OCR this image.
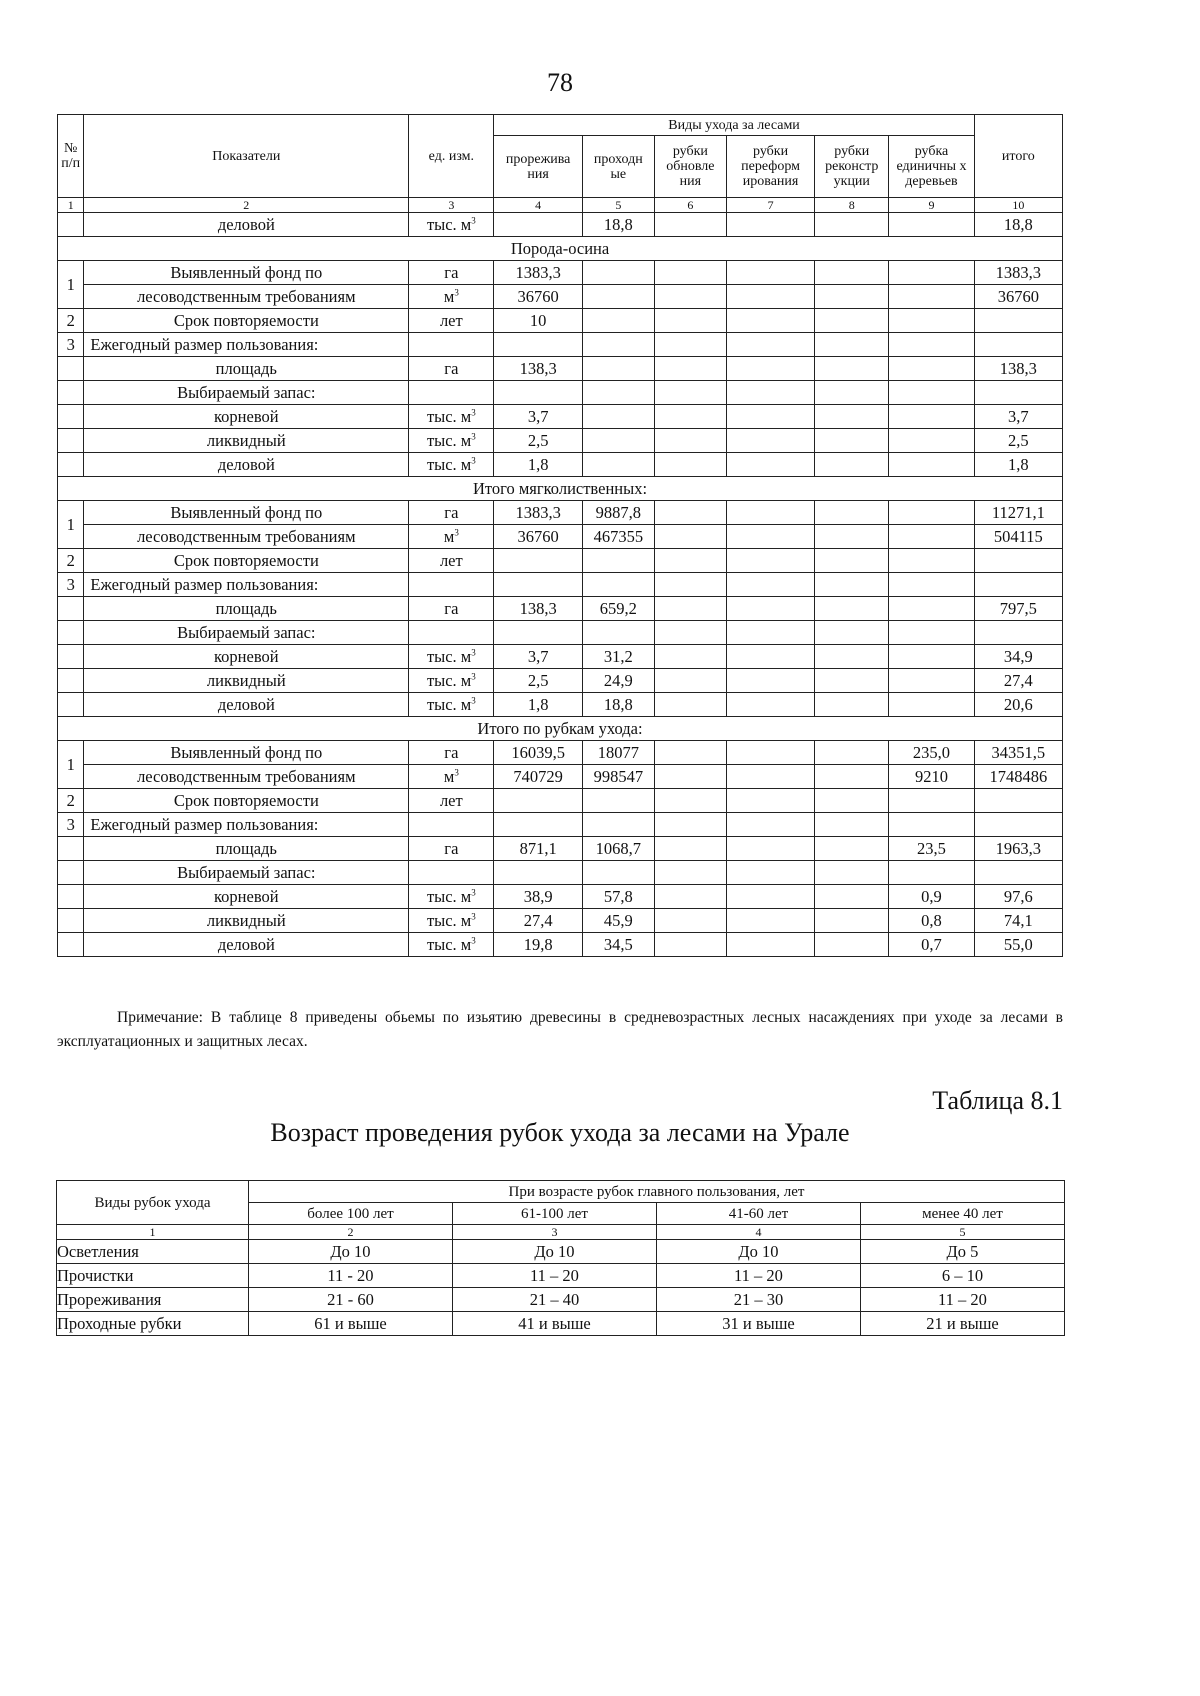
78
№ п/п	Показатели	ед. изм.	Виды ухода за лесами						итого
			прорежива ния	проходн ые	рубки обновле ния	рубки переформ ирования	рубки реконстр укции	рубка единичны х деревьев	
1	2	3	4	5	6	7	8	9	10
	деловой	тыс. $м^3$		18,8					18,8
Порода-осина									
1	Выявленный фонд по	га	1383,3						1383,3
	лесоводственным требованиям	$м^3$	36760						36760
2	Срок повторяемости	лет	10						
3	Ежегодный размер пользования:								
	площадь	га	138,3						138,3
	Выбираемый запас:								
	корневой	тыс. $м^3$	3,7						3,7
	ликвидный	тыс. $м^3$	2,5						2,5
	деловой	тыс. $м^3$	1,8						1,8
Итого мягколиственных:									
1	Выявленный фонд по	га	1383,3	9887,8					11271,1
	лесоводственным требованиям	$м^3$	36760	467355					504115
2	Срок повторяемости	лет							
3	Ежегодный размер пользования:								
	площадь	га	138,3	659,2					797,5
	Выбираемый запас:								
	корневой	тыс. $м^3$	3,7	31,2					34,9
	ликвидный	тыс. $м^3$	2,5	24,9					27,4
	деловой	тыс. $м^3$	1,8	18,8					20,6
Итого по рубкам ухода:									
1	Выявленный фонд по	га	16039,5	18077				235,0	34351,5
	лесоводственным требованиям	$м^3$	740729	998547				9210	1748486
2	Срок повторяемости	лет							
3	Ежегодный размер пользования:								
	площадь	га	871,1	1068,7				23,5	1963,3
	Выбираемый запас:								
	корневой	тыс. $м^3$	38,9	57,8				0,9	97,6
	ликвидный	тыс. $м^3$	27,4	45,9				0,8	74,1
	деловой	тыс. $м^3$	19,8	34,5				0,7	55,0
Примечание: В таблице 8 приведены обьемы по изьятию древесины в средневозрастных лесных насаждениях при уходе за лесами в эксплуатационных и защитных лесах.
Таблица 8.1
Возраст проведения рубок ухода за лесами на Урале
Виды рубок ухода	При возрасте рубок главного пользования, лет			
	более 100 лет	61-100 лет	41-60 лет	менее 40 лет
1	2	3	4	5
Осветления	До 10	До 10	До 10	До 5
Прочистки	11 - 20	11 – 20	11 – 20	6 – 10
Прореживания	21 - 60	21 – 40	21 – 30	11 – 20
Проходные рубки	61 и выше	41 и выше	31 и выше	21 и выше
